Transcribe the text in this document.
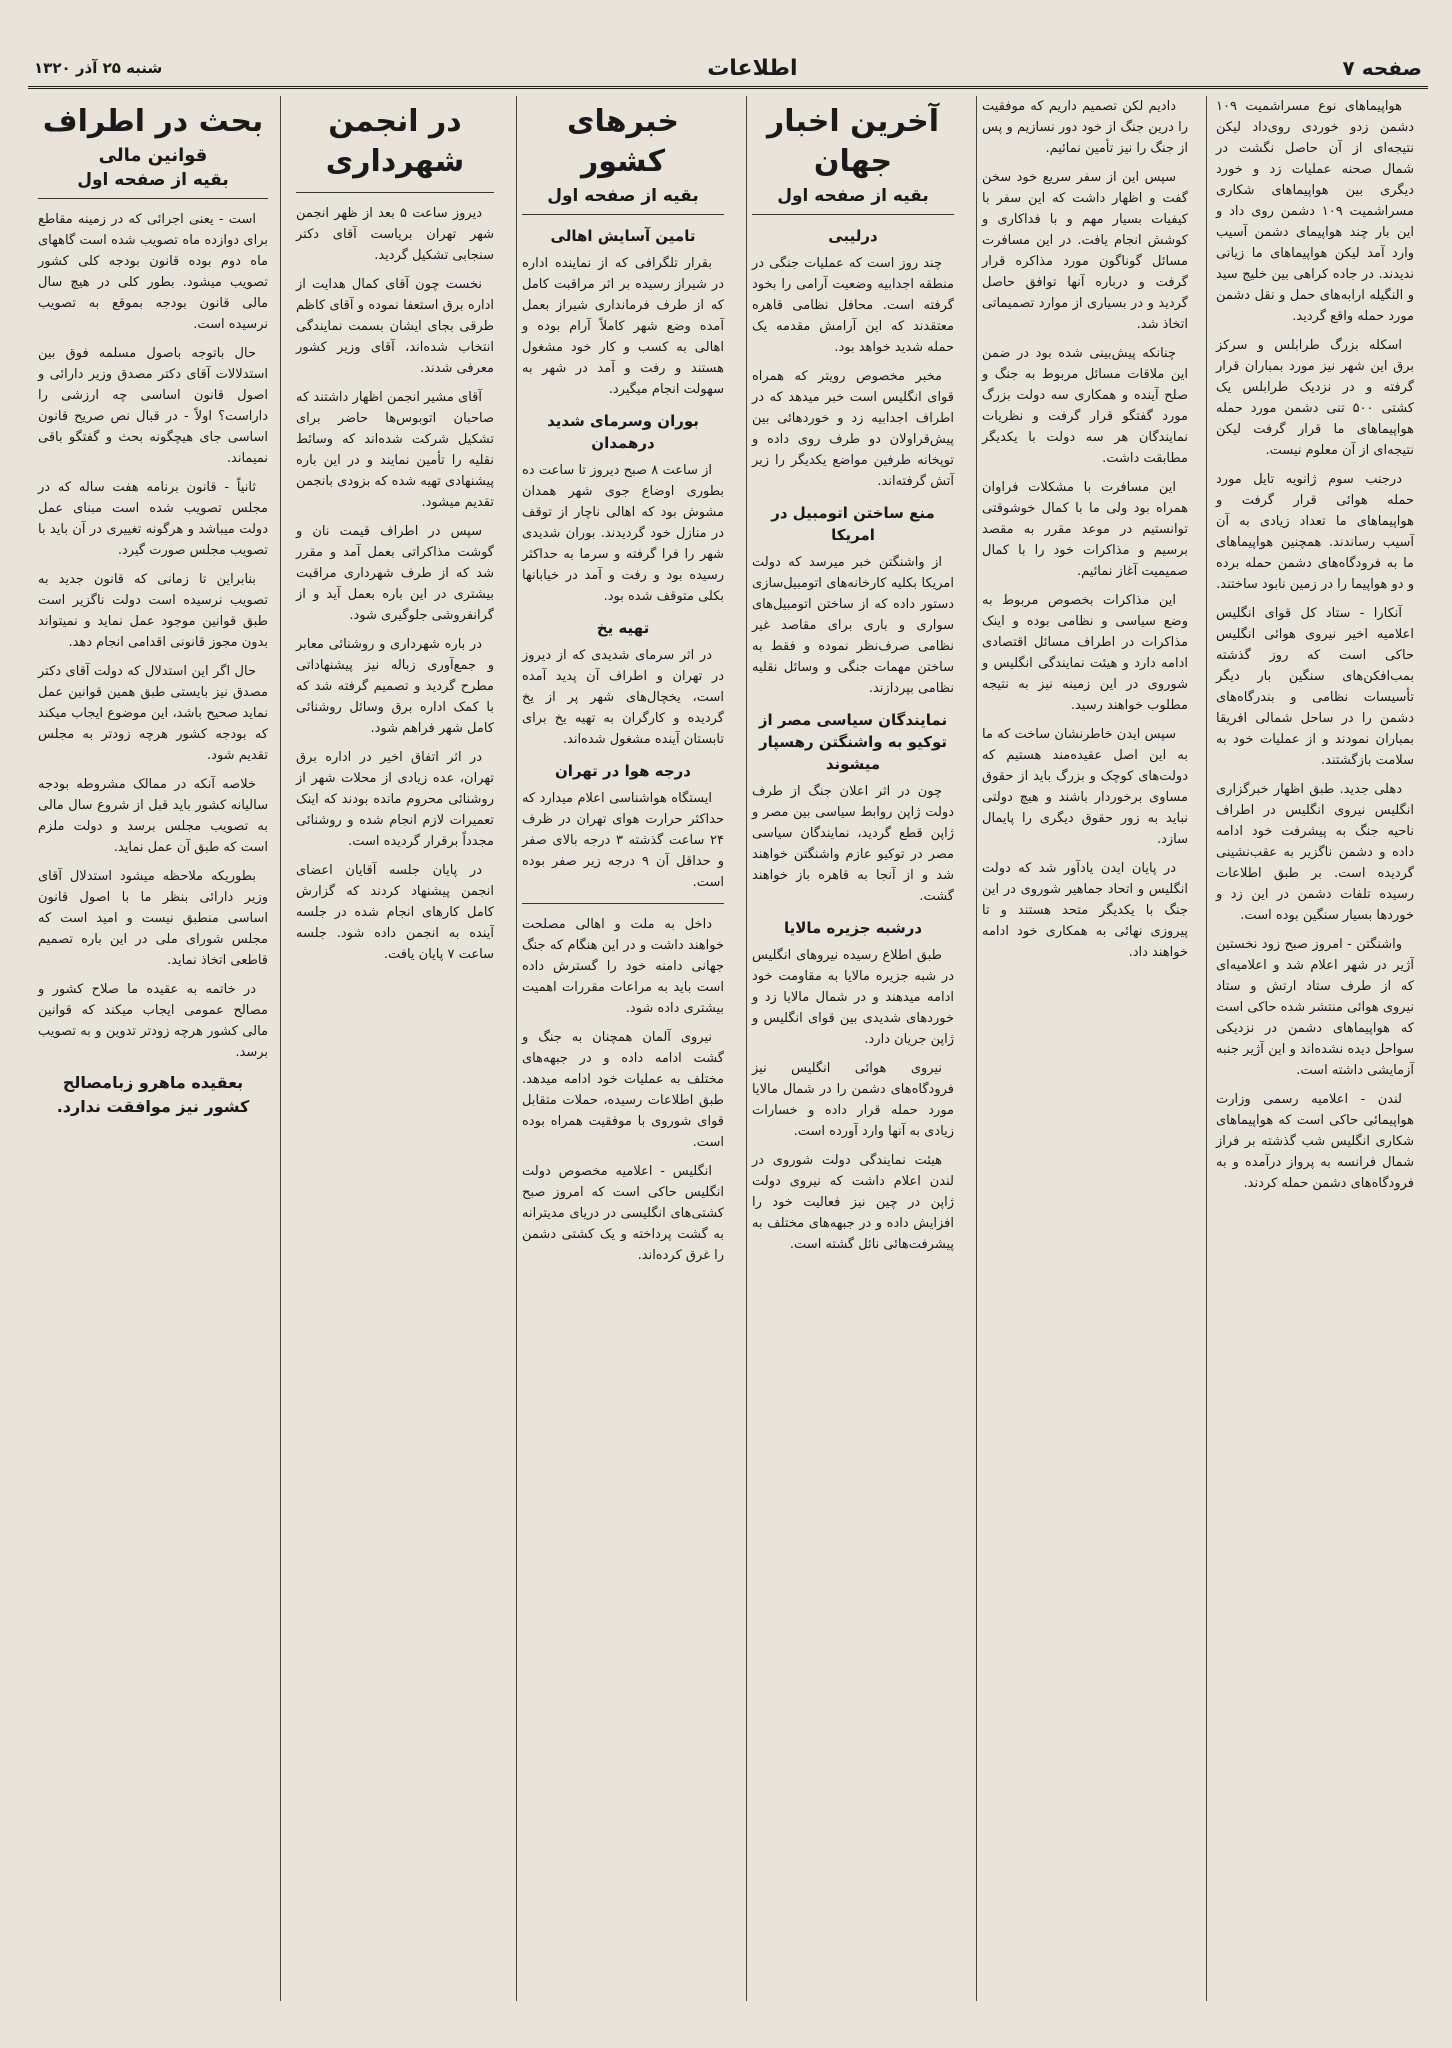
صفحه ۷
اطلاعات
شنبه ۲۵ آذر ۱۳۲۰

هواپیماهای نوع مسراشمیت ۱۰۹ دشمن زدو خوردی روی‌داد لیکن نتیجه‌ای از آن حاصل نگشت در شمال صحنه عملیات زد و خورد دیگری بین هواپیماهای شکاری مسراشمیت ۱۰۹ دشمن روی داد و این بار چند هواپیمای دشمن آسیب وارد آمد لیکن هواپیماهای ما زیانی ندیدند. در جاده کراهی بین خلیج سید و النگیله ارابه‌های حمل و نقل دشمن مورد حمله واقع گردید.

اسکله بزرگ طرابلس و سرکز برق این شهر نیز مورد بمباران قرار گرفته و در نزدیک طرابلس یک کشتی ۵۰۰ تنی دشمن مورد حمله هواپیماهای ما قرار گرفت لیکن نتیجه‌ای از آن معلوم نیست.

درجنب سوم ژانویه تایل مورد حمله هوائی قرار گرفت و هواپیماهای ما تعداد زیادی به آن آسیب رساندند. همچنین هواپیماهای ما به فرودگاه‌های دشمن حمله برده و دو هواپیما را در زمین نابود ساختند.

آنکارا - ستاد کل قوای انگلیس اعلامیه اخیر نیروی هوائی انگلیس حاکی است که روز گذشته بمب‌افکن‌های سنگین بار دیگر تأسیسات نظامی و بندرگاه‌های دشمن را در ساحل شمالی افریقا بمباران نمودند و از عملیات خود به سلامت بازگشتند.

دهلی جدید. طبق اظهار خبرگزاری انگلیس نیروی انگلیس در اطراف ناحیه جنگ به پیشرفت خود ادامه داده و دشمن ناگزیر به عقب‌نشینی گردیده است. بر طبق اطلاعات رسیده تلفات دشمن در این زد و خوردها بسیار سنگین بوده است.

واشنگتن - امروز صبح زود نخستین آژیر در شهر اعلام شد و اعلامیه‌ای که از طرف ستاد ارتش و ستاد نیروی هوائی منتشر شده حاکی است که هواپیماهای دشمن در نزدیکی سواحل دیده نشده‌اند و این آژیر جنبه آزمایشی داشته است.

لندن - اعلامیه رسمی وزارت هواپیمائی حاکی است که هواپیماهای شکاری انگلیس شب گذشته بر فراز شمال فرانسه به پرواز درآمده و به فرودگاه‌های دشمن حمله کردند.

دادیم لکن تصمیم داریم که موفقیت را درین جنگ از خود دور نسازیم و پس از جنگ را نیز تأمین نمائیم.

سپس این از سفر سریع خود سخن گفت و اظهار داشت که این سفر با کیفیات بسیار مهم و با فداکاری و کوشش انجام یافت. در این مسافرت مسائل گوناگون مورد مذاکره قرار گرفت و درباره آنها توافق حاصل گردید و در بسیاری از موارد تصمیماتی اتخاذ شد.

چنانکه پیش‌بینی شده بود در ضمن این ملاقات مسائل مربوط به جنگ و صلح آینده و همکاری سه دولت بزرگ مورد گفتگو قرار گرفت و نظریات نمایندگان هر سه دولت با یکدیگر مطابقت داشت.

این مسافرت با مشکلات فراوان همراه بود ولی ما با کمال خوشوقتی توانستیم در موعد مقرر به مقصد برسیم و مذاکرات خود را با کمال صمیمیت آغاز نمائیم.

این مذاکرات بخصوص مربوط به وضع سیاسی و نظامی بوده و اینک مذاکرات در اطراف مسائل اقتصادی ادامه دارد و هیئت نمایندگی انگلیس و شوروی در این زمینه نیز به نتیجه مطلوب خواهند رسید.

سپس ایدن خاطرنشان ساخت که ما به این اصل عقیده‌مند هستیم که دولت‌های کوچک و بزرگ باید از حقوق مساوی برخوردار باشند و هیچ دولتی نباید به زور حقوق دیگری را پایمال سازد.

در پایان ایدن یادآور شد که دولت انگلیس و اتحاد جماهیر شوروی در این جنگ با یکدیگر متحد هستند و تا پیروزی نهائی به همکاری خود ادامه خواهند داد.

آخرین اخبار جهان
بقیه از صفحه اول
درلیبی

چند روز است که عملیات جنگی در منطقه اجدابیه وضعیت آرامی را بخود گرفته است. محافل نظامی قاهره معتقدند که این آرامش مقدمه یک حمله شدید خواهد بود.

مخبر مخصوص رویتر که همراه قوای انگلیس است خبر میدهد که در اطراف اجدابیه زد و خوردهائی بین پیش‌قراولان دو طرف روی داده و توپخانه طرفین مواضع یکدیگر را زیر آتش گرفته‌اند.

منع ساختن اتومبیل در امریکا

از واشنگتن خبر میرسد که دولت امریکا بکلیه کارخانه‌های اتومبیل‌سازی دستور داده که از ساختن اتومبیل‌های سواری و باری برای مقاصد غیر نظامی صرف‌نظر نموده و فقط به ساختن مهمات جنگی و وسائل نقلیه نظامی بپردازند.

نمایندگان سیاسی مصر از توکیو به واشنگتن رهسپار میشوند

چون در اثر اعلان جنگ از طرف دولت ژاپن روابط سیاسی بین مصر و ژاپن قطع گردید، نمایندگان سیاسی مصر در توکیو عازم واشنگتن خواهند شد و از آنجا به قاهره باز خواهند گشت.

درشبه جزیره مالایا

طبق اطلاع رسیده نیروهای انگلیس در شبه جزیره مالایا به مقاومت خود ادامه میدهند و در شمال مالایا زد و خوردهای شدیدی بین قوای انگلیس و ژاپن جریان دارد.

نیروی هوائی انگلیس نیز فرودگاه‌های دشمن را در شمال مالایا مورد حمله قرار داده و خسارات زیادی به آنها وارد آورده است.

هیئت نمایندگی دولت شوروی در لندن اعلام داشت که نیروی دولت ژاپن در چین نیز فعالیت خود را افزایش داده و در جبهه‌های مختلف به پیشرفت‌هائی نائل گشته است.

خبرهای کشور
بقیه از صفحه اول
تامین آسایش اهالی

بقرار تلگرافی که از نماینده اداره در شیراز رسیده بر اثر مراقبت کامل که از طرف فرمانداری شیراز بعمل آمده وضع شهر کاملاً آرام بوده و اهالی به کسب و کار خود مشغول هستند و رفت و آمد در شهر به سهولت انجام میگیرد.

بوران وسرمای شدید درهمدان

از ساعت ۸ صبح دیروز تا ساعت ده بطوری اوضاع جوی شهر همدان مشوش بود که اهالی ناچار از توقف در منازل خود گردیدند. بوران شدیدی شهر را فرا گرفته و سرما به حداکثر رسیده بود و رفت و آمد در خیابانها بکلی متوقف شده بود.

تهیه یخ

در اثر سرمای شدیدی که از دیروز در تهران و اطراف آن پدید آمده است، یخچال‌های شهر پر از یخ گردیده و کارگران به تهیه یخ برای تابستان آینده مشغول شده‌اند.

درجه هوا در تهران

ایستگاه هواشناسی اعلام میدارد که حداکثر حرارت هوای تهران در ظرف ۲۴ ساعت گذشته ۳ درجه بالای صفر و حداقل آن ۹ درجه زیر صفر بوده است.

داخل به ملت و اهالی مصلحت خواهند داشت و در این هنگام که جنگ جهانی دامنه خود را گسترش داده است باید به مراعات مقررات اهمیت بیشتری داده شود.

نیروی آلمان همچنان به جنگ و گشت ادامه داده و در جبهه‌های مختلف به عملیات خود ادامه میدهد. طبق اطلاعات رسیده، حملات متقابل قوای شوروی با موفقیت همراه بوده است.

انگلیس - اعلامیه مخصوص دولت انگلیس حاکی است که امروز صبح کشتی‌های انگلیسی در دریای مدیترانه به گشت پرداخته و یک کشتی دشمن را غرق کرده‌اند.

در انجمن شهرداری

دیروز ساعت ۵ بعد از ظهر انجمن شهر تهران بریاست آقای دکتر سنجابی تشکیل گردید.

نخست چون آقای کمال هدایت از اداره برق استعفا نموده و آقای کاظم طرقی بجای ایشان بسمت نمایندگی انتخاب شده‌اند، آقای وزیر کشور معرفی شدند.

آقای مشیر انجمن اظهار داشتند که صاحبان اتوبوس‌ها حاضر برای تشکیل شرکت شده‌اند که وسائط نقلیه را تأمین نمایند و در این باره پیشنهادی تهیه شده که بزودی بانجمن تقدیم میشود.

سپس در اطراف قیمت نان و گوشت مذاکراتی بعمل آمد و مقرر شد که از طرف شهرداری مراقبت بیشتری در این باره بعمل آید و از گرانفروشی جلوگیری شود.

در باره شهرداری و روشنائی معابر و جمع‌آوری زباله نیز پیشنهاداتی مطرح گردید و تصمیم گرفته شد که با کمک اداره برق وسائل روشنائی کامل شهر فراهم شود.

در اثر اتفاق اخیر در اداره برق تهران، عده زیادی از محلات شهر از روشنائی محروم مانده بودند که اینک تعمیرات لازم انجام شده و روشنائی مجدداً برقرار گردیده است.

در پایان جلسه آقایان اعضای انجمن پیشنهاد کردند که گزارش کامل کارهای انجام شده در جلسه آینده به انجمن داده شود. جلسه ساعت ۷ پایان یافت.

بحث در اطراف
قوانین مالی
بقیه از صفحه اول

است - یعنی اجرائی که در زمینه مقاطع برای دوازده ماه تصویب شده است گاههای ماه دوم بوده قانون بودجه کلی کشور تصویب میشود. بطور کلی در هیچ سال مالی قانون بودجه بموقع به تصویب نرسیده است.

حال باتوجه باصول مسلمه فوق بین استدلالات آقای دکتر مصدق وزیر دارائی و اصول قانون اساسی چه ارزشی را داراست؟ اولاً - در قبال نص صریح قانون اساسی جای هیچگونه بحث و گفتگو باقی نمیماند.

ثانیاً - قانون برنامه هفت ساله که در مجلس تصویب شده است مبنای عمل دولت میباشد و هرگونه تغییری در آن باید با تصویب مجلس صورت گیرد.

بنابراین تا زمانی که قانون جدید به تصویب نرسیده است دولت ناگزیر است طبق قوانین موجود عمل نماید و نمیتواند بدون مجوز قانونی اقدامی انجام دهد.

حال اگر این استدلال که دولت آقای دکتر مصدق نیز بایستی طبق همین قوانین عمل نماید صحیح باشد، این موضوع ایجاب میکند که بودجه کشور هرچه زودتر به مجلس تقدیم شود.

خلاصه آنکه در ممالک مشروطه بودجه سالیانه کشور باید قبل از شروع سال مالی به تصویب مجلس برسد و دولت ملزم است که طبق آن عمل نماید.

بطوریکه ملاحظه میشود استدلال آقای وزیر دارائی بنظر ما با اصول قانون اساسی منطبق نیست و امید است که مجلس شورای ملی در این باره تصمیم قاطعی اتخاذ نماید.

در خاتمه به عقیده ما صلاح کشور و مصالح عمومی ایجاب میکند که قوانین مالی کشور هرچه زودتر تدوین و به تصویب برسد.

بعقیده ماهرو زبامصالح کشور نیز موافقت ندارد.
